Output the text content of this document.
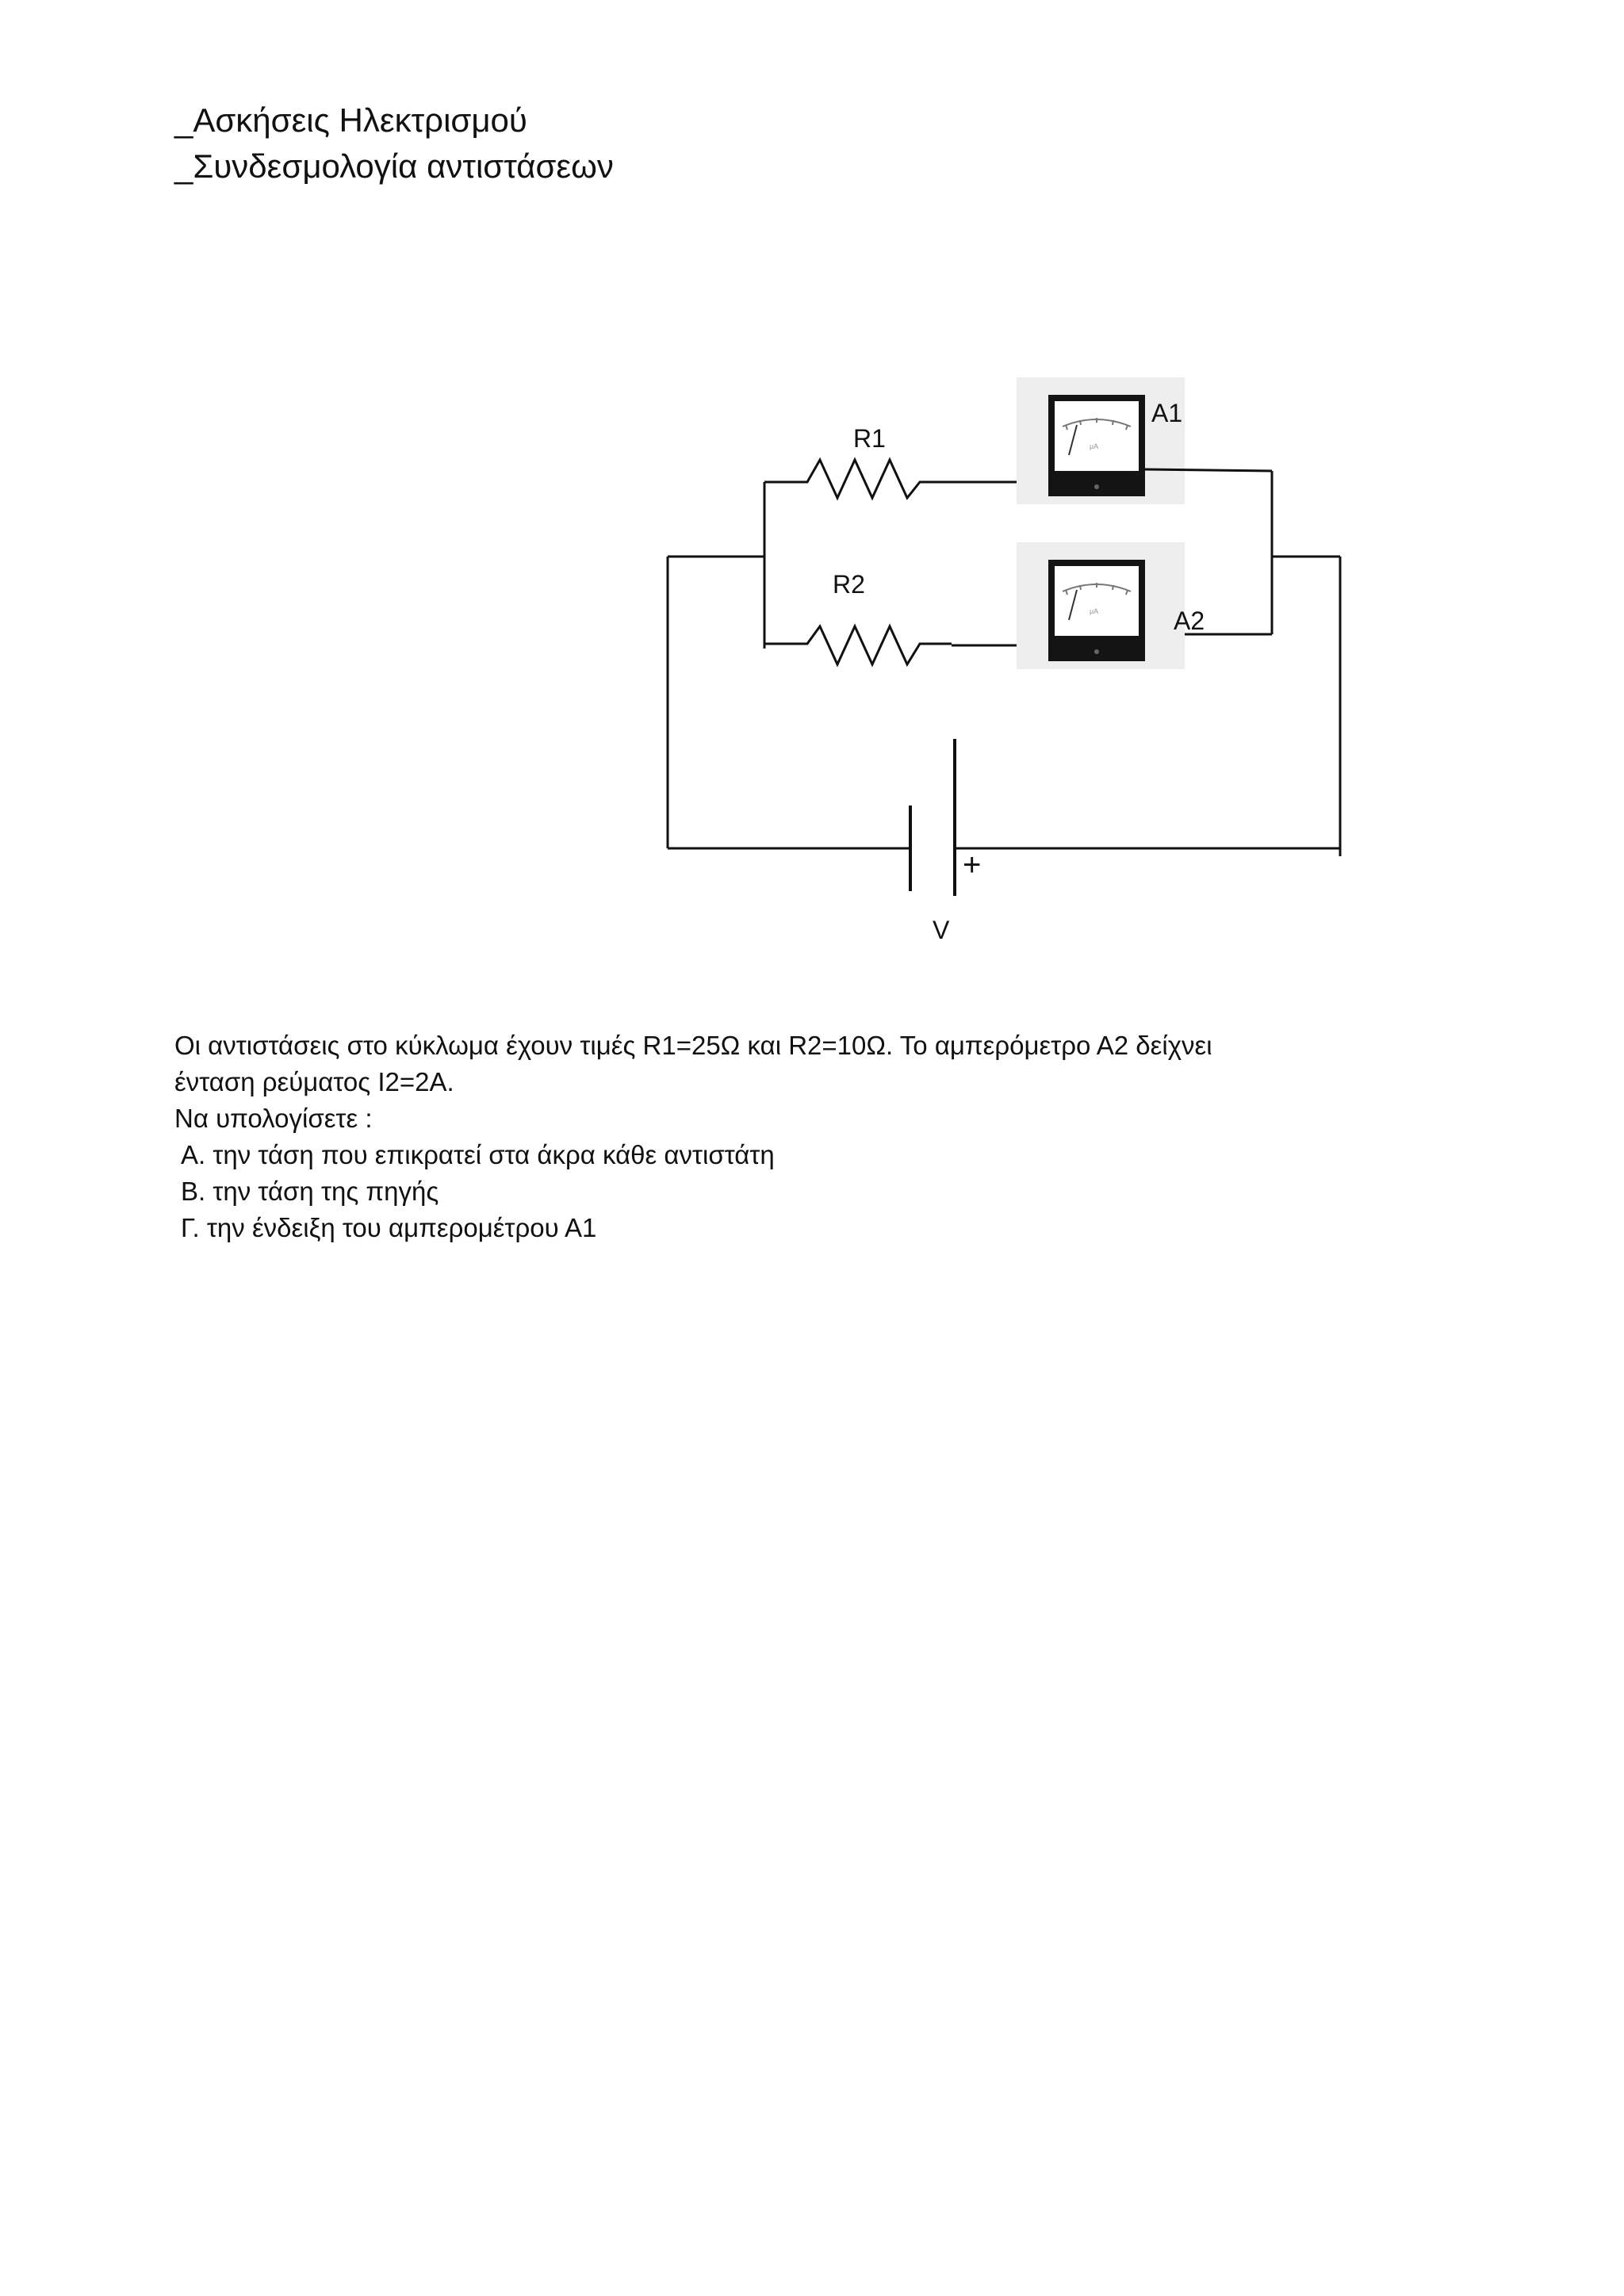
_Ασκήσεις Ηλεκτρισμού
_Συνδεσμολογία αντιστάσεων
R1
R2
A1
A2
+
V
μA
μA
Οι αντιστάσεις στο κύκλωμα έχουν τιμές R1=25Ω και R2=10Ω. Το αμπερόμετρο Α2 δείχνει
ένταση ρεύματος Ι2=2Α.
Να υπολογίσετε :
Α. την τάση που επικρατεί στα άκρα κάθε αντιστάτη
Β. την τάση της πηγής
Γ. την ένδειξη του αμπερομέτρου Α1
